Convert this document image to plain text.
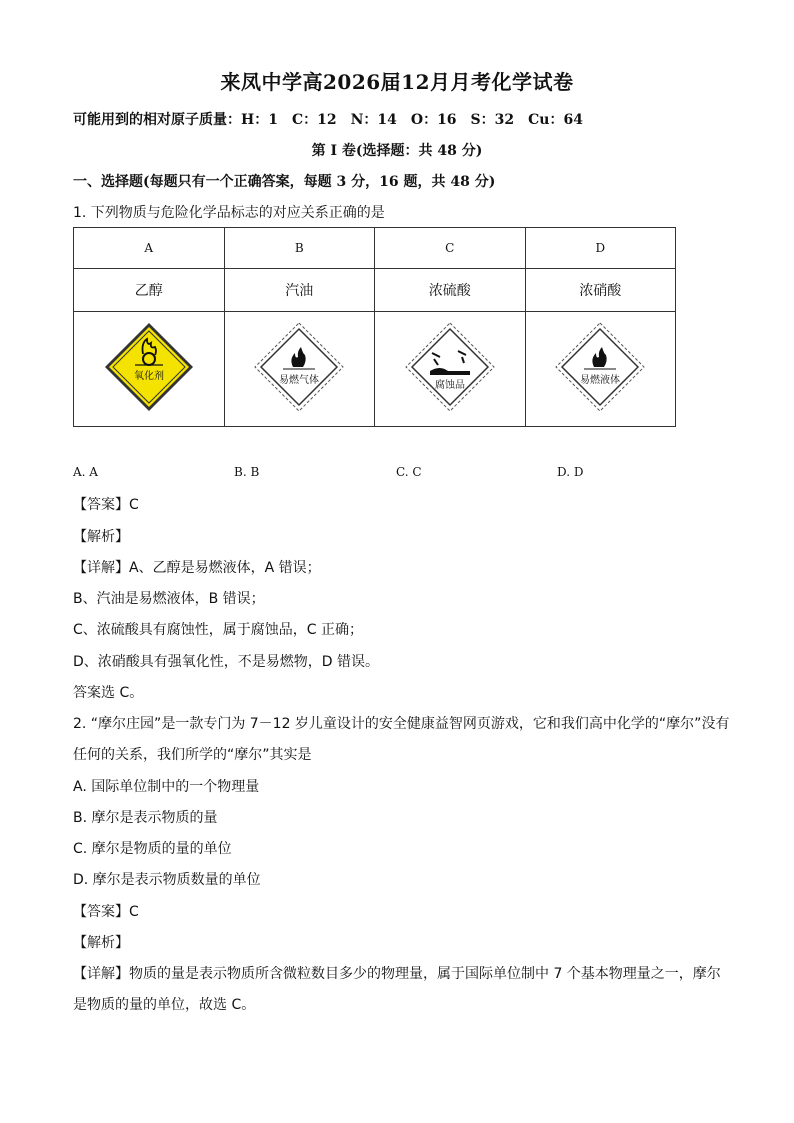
来凤中学高2026届12月月考化学试卷
可能用到的相对原子质量：H：1　C：12　N：14　O：16　S：32　Cu：64
第 I 卷(选择题：共 48 分)
一、选择题(每题只有一个正确答案，每题 3 分，16 题，共 48 分)
1. 下列物质与危险化学品标志的对应关系正确的是
A	B	C	D
乙醇	汽油	浓硫酸	浓硝酸

氧化剂	易燃气体	腐蚀品	易燃液体
A. A	B. B	C. C	D. D
【答案】C
【解析】
【详解】A、乙醇是易燃液体，A 错误；
B、汽油是易燃液体，B 错误；
C、浓硫酸具有腐蚀性，属于腐蚀品，C 正确；
D、浓硝酸具有强氧化性，不是易燃物，D 错误。
答案选 C。
2. “摩尔庄园”是一款专门为 7－12 岁儿童设计的安全健康益智网页游戏，它和我们高中化学的“摩尔”没有
任何的关系，我们所学的“摩尔”其实是
A. 国际单位制中的一个物理量
B. 摩尔是表示物质的量
C. 摩尔是物质的量的单位
D. 摩尔是表示物质数量的单位
【答案】C
【解析】
【详解】物质的量是表示物质所含微粒数目多少的物理量，属于国际单位制中 7 个基本物理量之一，摩尔
是物质的量的单位，故选 C。
